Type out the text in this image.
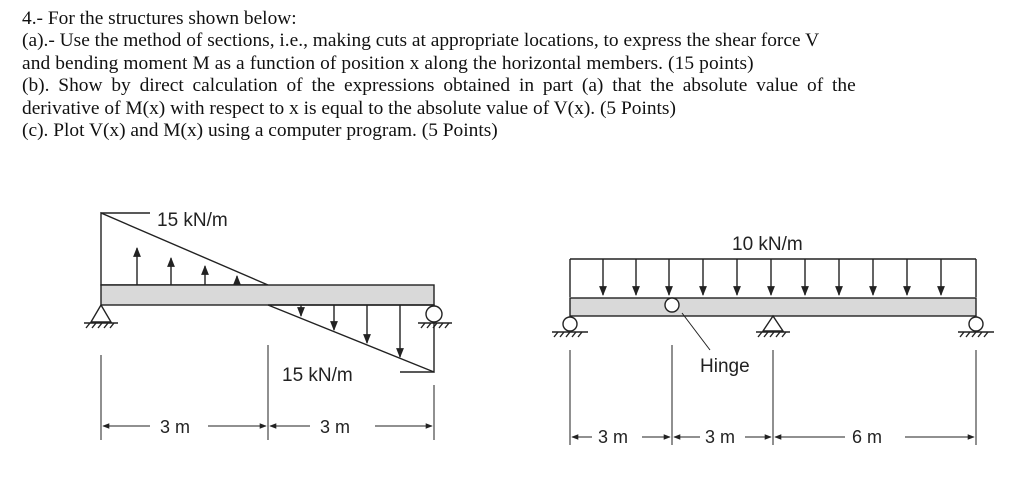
4.- For the structures shown below:

(a).- Use the method of sections, i.e., making cuts at appropriate locations, to express the shear force V

and bending moment M as a function of position x along the horizontal members. (15 points)

(b). Show by direct calculation of the expressions obtained in part (a) that the absolute value of the

derivative of M(x) with respect to x is equal to the absolute value of V(x). (5 Points)

(c). Plot V(x) and M(x) using a computer program. (5 Points)

15 kN/m
15 kN/m
3 m	3 m
10 kN/m
Hinge
3 m	3 m	6 m
